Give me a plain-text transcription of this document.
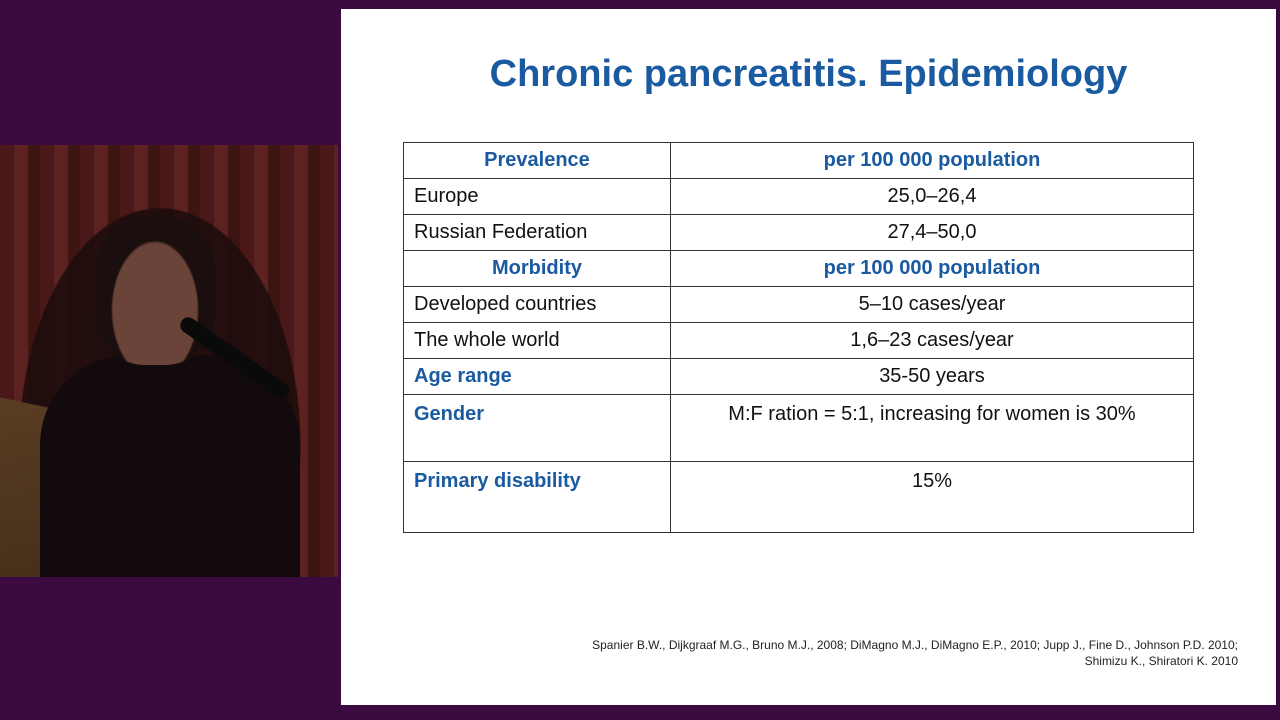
Chronic pancreatitis. Epidemiology
Prevalence	per 100 000 population
Europe	25,0–26,4
Russian Federation	27,4–50,0
Morbidity	per 100 000 population
Developed countries	5–10 cases/year
The whole world	1,6–23 cases/year
Age range	35-50 years
Gender	M:F ration = 5:1, increasing for women is 30%
Primary disability	15%
Spanier B.W., Dijkgraaf M.G., Bruno M.J., 2008; DiMagno M.J., DiMagno E.P., 2010; Jupp J., Fine D., Johnson P.D. 2010;
Shimizu K., Shiratori K. 2010
